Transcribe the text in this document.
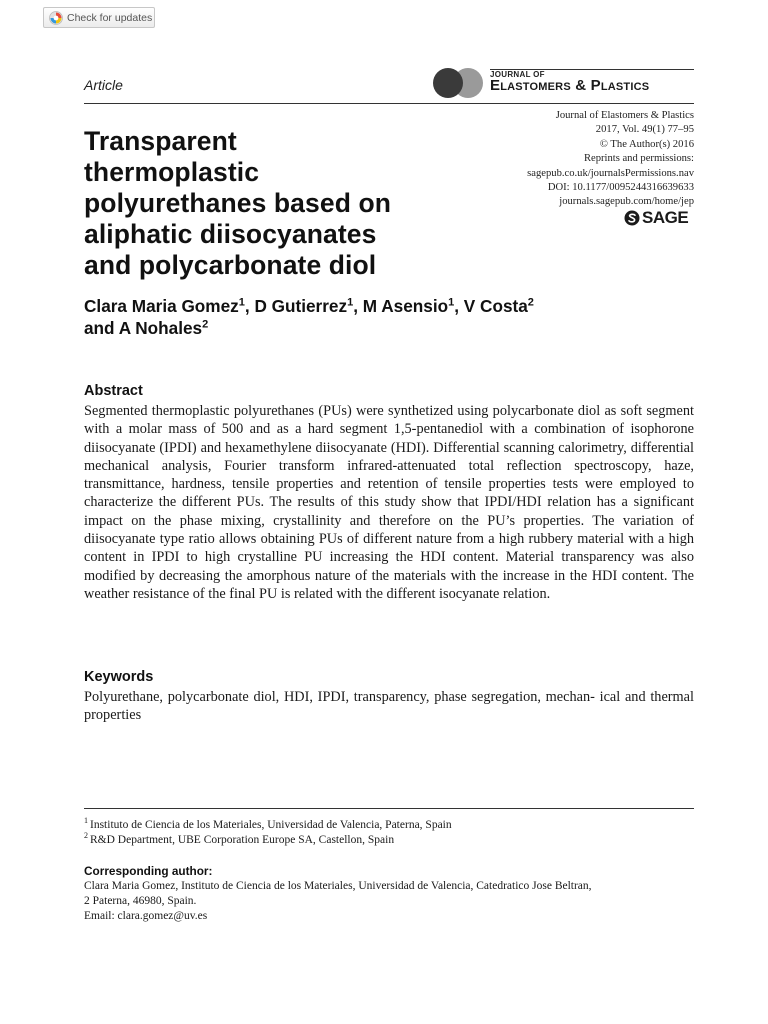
Check for updates
Article
JOURNAL OF
Elastomers & Plastics
Journal of Elastomers & Plastics
2017, Vol. 49(1) 77–95
© The Author(s) 2016
Reprints and permissions:
sagepub.co.uk/journalsPermissions.nav
DOI: 10.1177/0095244316639633
journals.sagepub.com/home/jep
SAGE
Transparent
thermoplastic
polyurethanes based on
aliphatic diisocyanates
and polycarbonate diol
Clara Maria Gomez$^1$, D Gutierrez$^1$, M Asensio$^1$, V Costa$^2$
and A Nohales$^2$
Abstract
Segmented thermoplastic polyurethanes (PUs) were synthetized using polycarbonate diol as soft segment with a molar mass of 500 and as a hard segment 1,5-pentanediol with a combination of isophorone diisocyanate (IPDI) and hexamethylene diisocyanate (HDI). Differential scanning calorimetry, differential mechanical analysis, Fourier transform infrared-attenuated total reflection spectroscopy, haze, transmittance, hardness, tensile properties and retention of tensile properties tests were employed to characterize the different PUs. The results of this study show that IPDI/HDI relation has a significant impact on the phase mixing, crystallinity and therefore on the PU’s properties. The variation of diisocyanate type ratio allows obtaining PUs of different nature from a high rubbery material with a high content in IPDI to high crystalline PU increasing the HDI content. Material transparency was also modified by decreasing the amorphous nature of the materials with the increase in the HDI content. The weather resistance of the final PU is related with the different isocyanate relation.
Keywords
Polyurethane, polycarbonate diol, HDI, IPDI, transparency, phase segregation, mechan- ical and thermal properties
$^1$ Instituto de Ciencia de los Materiales, Universidad de Valencia, Paterna, Spain
$^2$ R&D Department, UBE Corporation Europe SA, Castellon, Spain
Corresponding author:
Clara Maria Gomez, Instituto de Ciencia de los Materiales, Universidad de Valencia, Catedratico Jose Beltran,
2 Paterna, 46980, Spain.
Email: clara.gomez@uv.es
